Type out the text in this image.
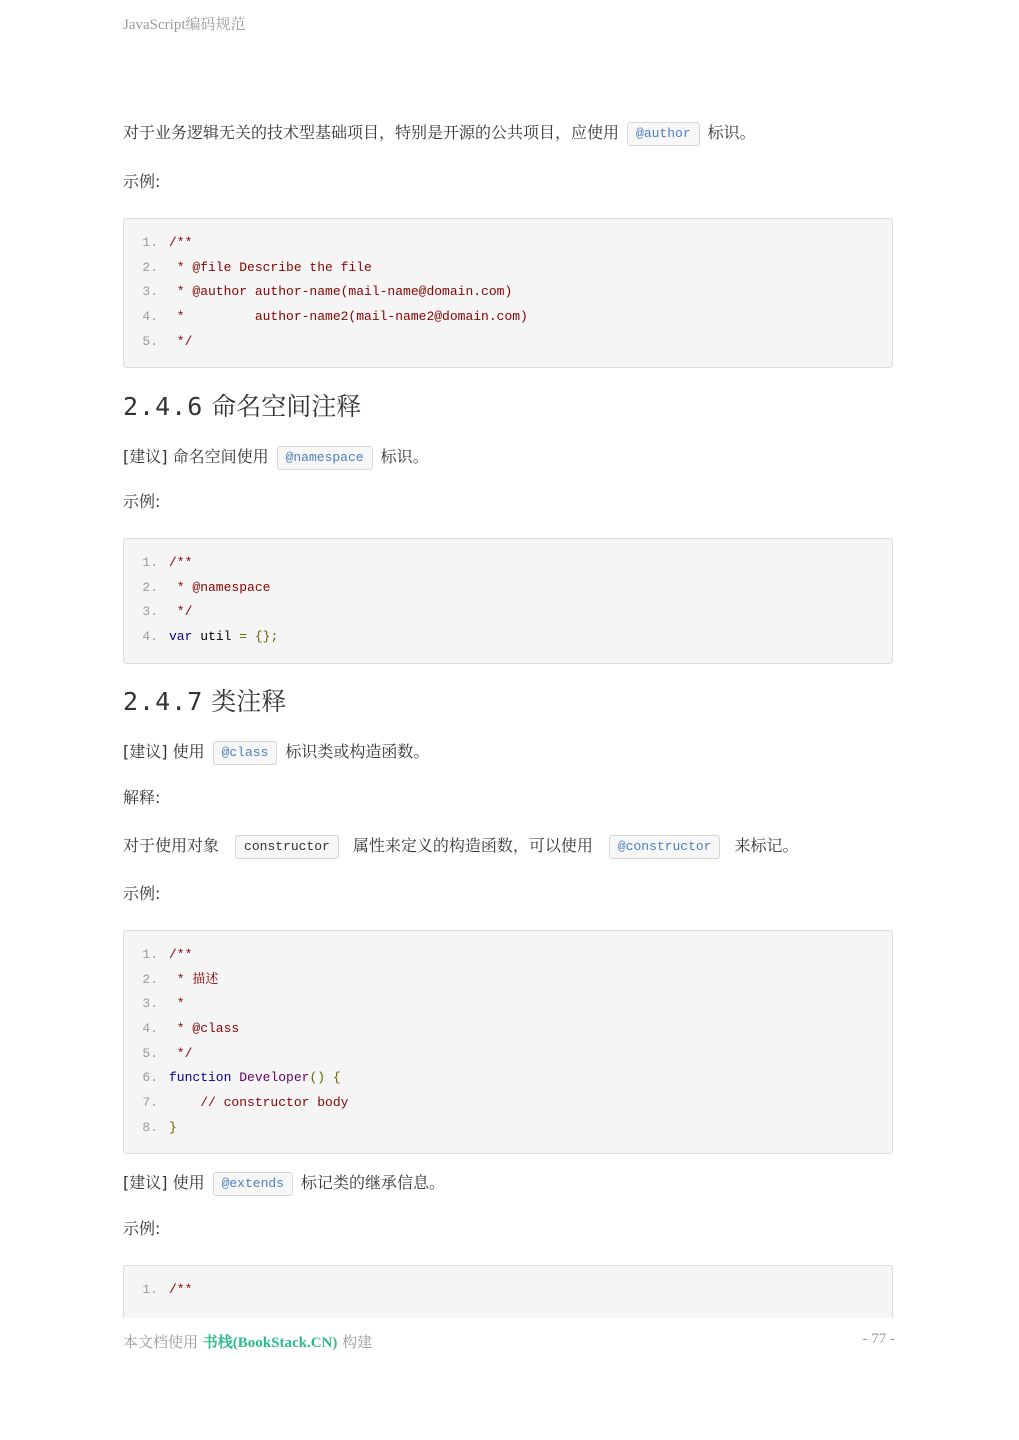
JavaScript编码规范
对于业务逻辑无关的技术型基础项目，特别是开源的公共项目，应使用 @author 标识。
示例:
1. /**
2. * @file Describe the file
3. * @author author-name(mail-name@domain.com)
4. *         author-name2(mail-name2@domain.com)
5. */
2.4.6 命名空间注释
[建议] 命名空间使用 @namespace 标识。
示例:
1. /**
2. * @namespace
3. */
4. var util = {};
2.4.7 类注释
[建议] 使用 @class 标识类或构造函数。
解释:
对于使用对象 constructor 属性来定义的构造函数，可以使用 @constructor 来标记。
示例:
1. /**
2. * 描述
3. *
4. * @class
5. */
6. function Developer() {
7.    // constructor body
8. }
[建议] 使用 @extends 标记类的继承信息。
示例:
1. /**
本文档使用 书栈(BookStack.CN) 构建	- 77 -
